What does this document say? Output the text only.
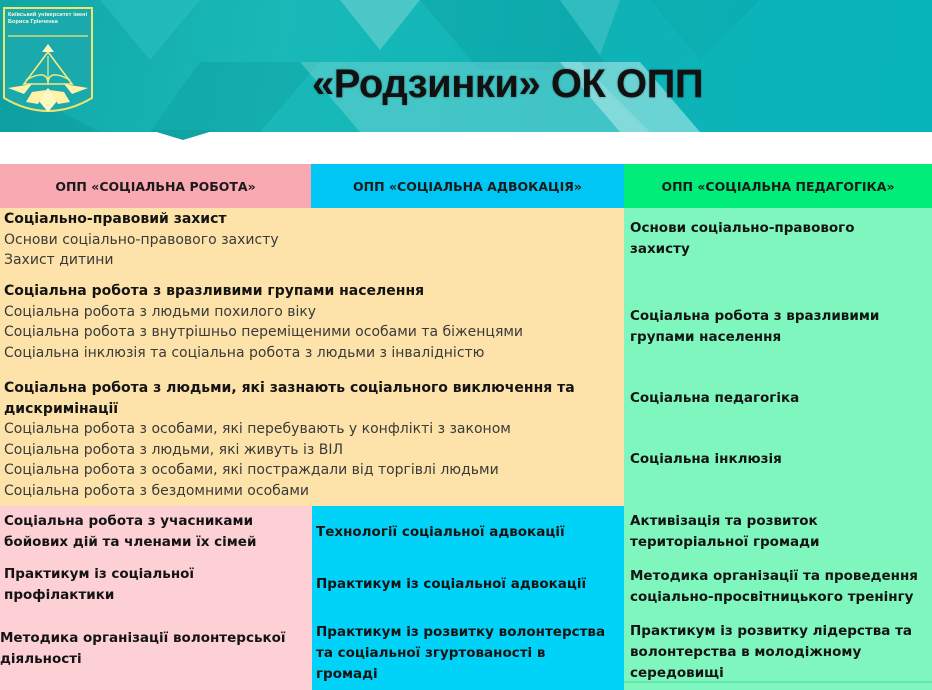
Київський університет імені Бориса Грінченка
«Родзинки» ОК ОПП
ОПП «СОЦІАЛЬНА РОБОТА»	ОПП «СОЦІАЛЬНА АДВОКАЦІЯ»	ОПП «СОЦІАЛЬНА ПЕДАГОГІКА»
Соціально-правовий захист
Основи соціально-правового захисту
Захист дитини
Соціальна робота з вразливими групами населення
Соціальна робота з людьми похилого віку
Соціальна робота з внутрішньо переміщеними особами та біженцями
Соціальна інклюзія та соціальна робота з людьми з інвалідністю
Соціальна робота з людьми, які зазнають соціального виключення та
дискримінації
Соціальна робота з особами, які перебувають у конфлікті з законом
Соціальна робота з людьми, які живуть із ВІЛ
Соціальна робота з особами, які постраждали від торгівлі людьми
Соціальна робота з бездомними особами
Основи соціально-правового
захисту
Соціальна робота з вразливими
групами населення
Соціальна педагогіка
Соціальна інклюзія
Активізація та розвиток
територіальної громади
Методика організації та проведення
соціально-просвітницького тренінгу
Практикум із розвитку лідерства та
волонтерства в молодіжному
середовищі
Соціальна робота з учасниками
бойових дій та членами їх сімей
Практикум із соціальної
профілактики
Методика організації волонтерської
діяльності
Технології соціальної адвокації
Практикум із соціальної адвокації
Практикум із розвитку волонтерства
та соціальної згуртованості в
громаді
